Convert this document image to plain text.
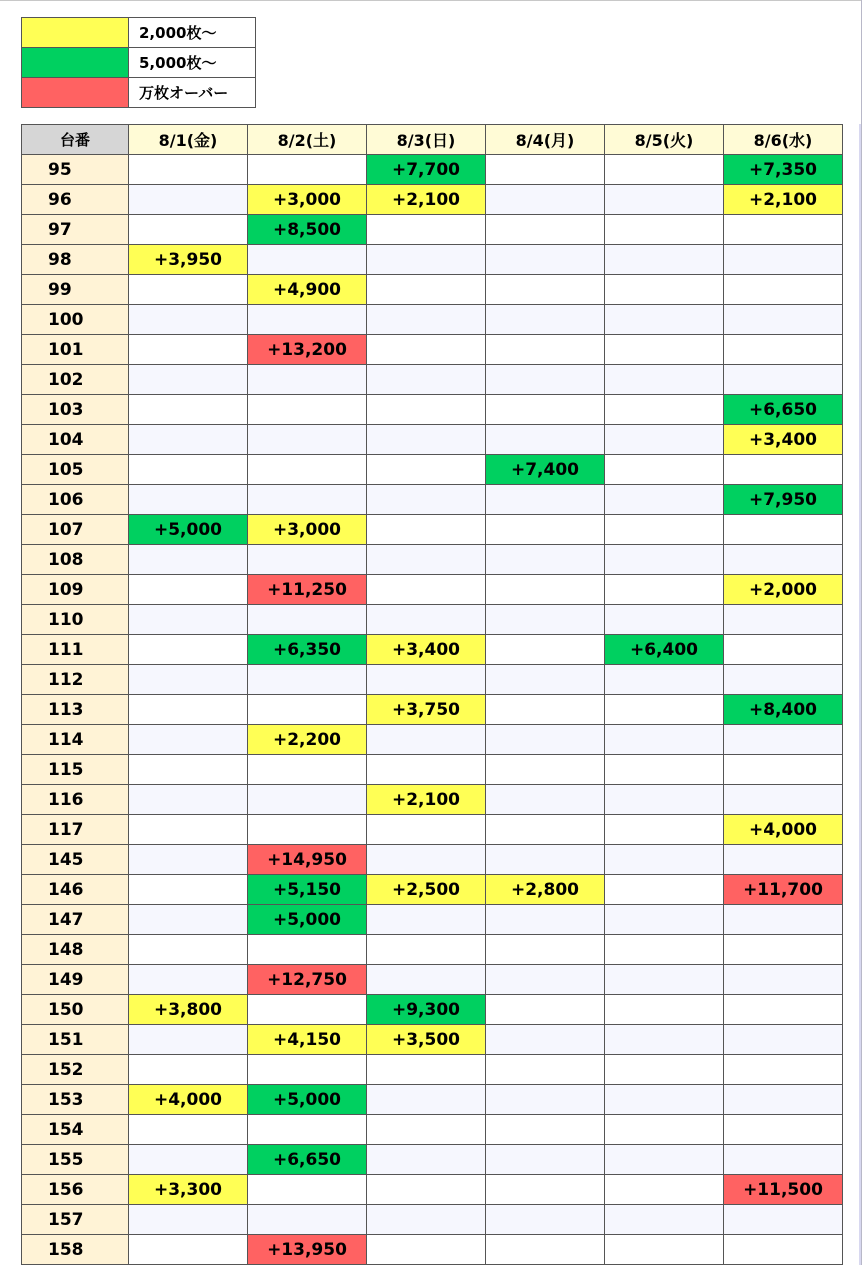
	2,000枚～
	5,000枚～
	万枚オーバー
台番	8/1(金)	8/2(土)	8/3(日)	8/4(月)	8/5(火)	8/6(水)
95			+7,700			+7,350
96		+3,000	+2,100			+2,100
97		+8,500				
98	+3,950					
99		+4,900				
100						
101		+13,200				
102						
103						+6,650
104						+3,400
105				+7,400		
106						+7,950
107	+5,000	+3,000				
108						
109		+11,250				+2,000
110						
111		+6,350	+3,400		+6,400	
112						
113			+3,750			+8,400
114		+2,200				
115						
116			+2,100			
117						+4,000
145		+14,950				
146		+5,150	+2,500	+2,800		+11,700
147		+5,000				
148						
149		+12,750				
150	+3,800		+9,300			
151		+4,150	+3,500			
152						
153	+4,000	+5,000				
154						
155		+6,650				
156	+3,300					+11,500
157						
158		+13,950				
